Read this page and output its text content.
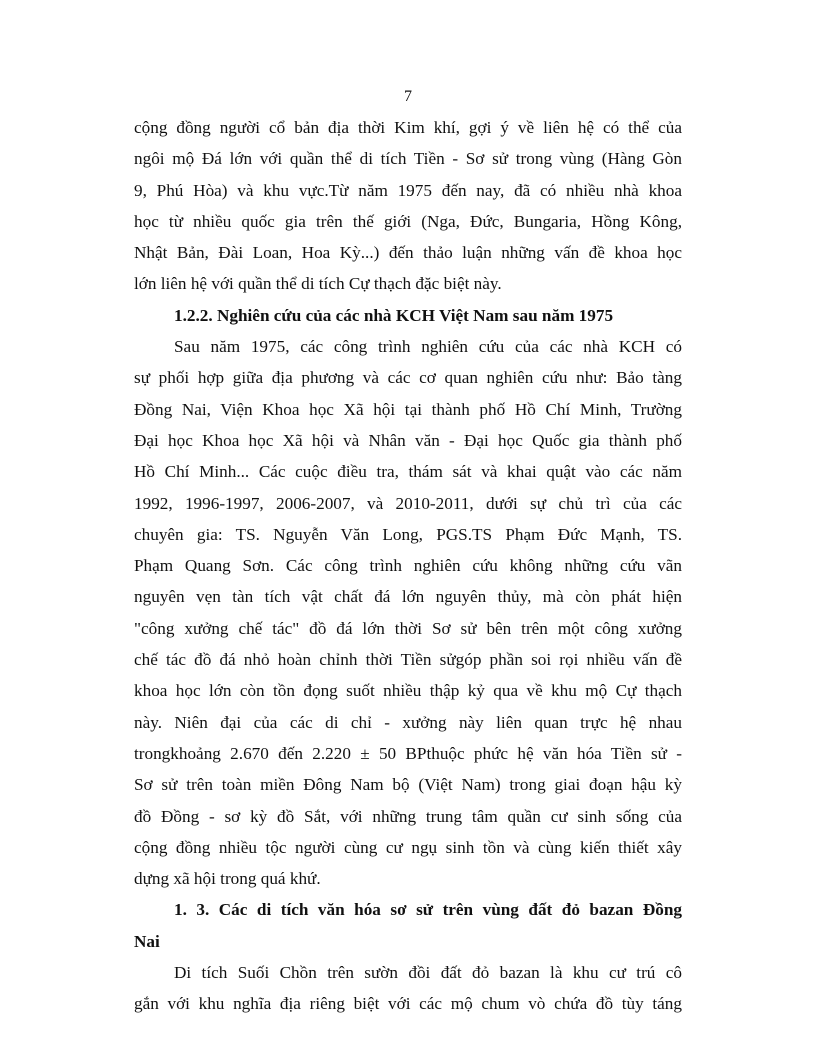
7
cộng đồng người cổ bản địa thời Kim khí, gợi ý về liên hệ có thể của
ngôi mộ Đá lớn với quần thể di tích Tiền - Sơ sử trong vùng (Hàng Gòn
9, Phú Hòa) và khu vực.Từ năm 1975 đến nay, đã có nhiều nhà khoa
học từ nhiều quốc gia trên thế giới (Nga, Đức, Bungaria, Hồng Kông,
Nhật Bản, Đài Loan, Hoa Kỳ...) đến thảo luận những vấn đề khoa học
lớn liên hệ với quần thể di tích Cự thạch đặc biệt này.
1.2.2. Nghiên cứu của các nhà KCH Việt Nam sau năm 1975
Sau năm 1975, các công trình nghiên cứu của các nhà KCH có
sự phối hợp giữa địa phương và các cơ quan nghiên cứu như: Bảo tàng
Đồng Nai, Viện Khoa học Xã hội tại thành phố Hồ Chí Minh, Trường
Đại học Khoa học Xã hội và Nhân văn - Đại học Quốc gia thành phố
Hồ Chí Minh... Các cuộc điều tra, thám sát và khai quật vào các năm
1992, 1996-1997, 2006-2007, và 2010-2011, dưới sự chủ trì của các
chuyên gia: TS. Nguyễn Văn Long, PGS.TS Phạm Đức Mạnh, TS.
Phạm Quang Sơn. Các công trình nghiên cứu không những cứu vãn
nguyên vẹn tàn tích vật chất đá lớn nguyên thủy, mà còn phát hiện
"công xưởng chế tác" đồ đá lớn thời Sơ sử bên trên một công xưởng
chế tác đồ đá nhỏ hoàn chỉnh thời Tiền sửgóp phần soi rọi nhiều vấn đề
khoa học lớn còn tồn đọng suốt nhiều thập kỷ qua về khu mộ Cự thạch
này. Niên đại của các di chỉ - xưởng này liên quan trực hệ nhau
trongkhoảng 2.670 đến 2.220 ± 50 BPthuộc phức hệ văn hóa Tiền sử -
Sơ sử trên toàn miền Đông Nam bộ (Việt Nam) trong giai đoạn hậu kỳ
đồ Đồng - sơ kỳ đồ Sắt, với những trung tâm quần cư sinh sống của
cộng đồng nhiều tộc người cùng cư ngụ sinh tồn và cùng kiến thiết xây
dựng xã hội trong quá khứ.
1. 3. Các di tích văn hóa sơ sử trên vùng đất đỏ bazan Đồng
Nai
Di tích Suối Chồn trên sườn đồi đất đỏ bazan là khu cư trú cô
gắn với khu nghĩa địa riêng biệt với các mộ chum vò chứa đồ tùy táng
